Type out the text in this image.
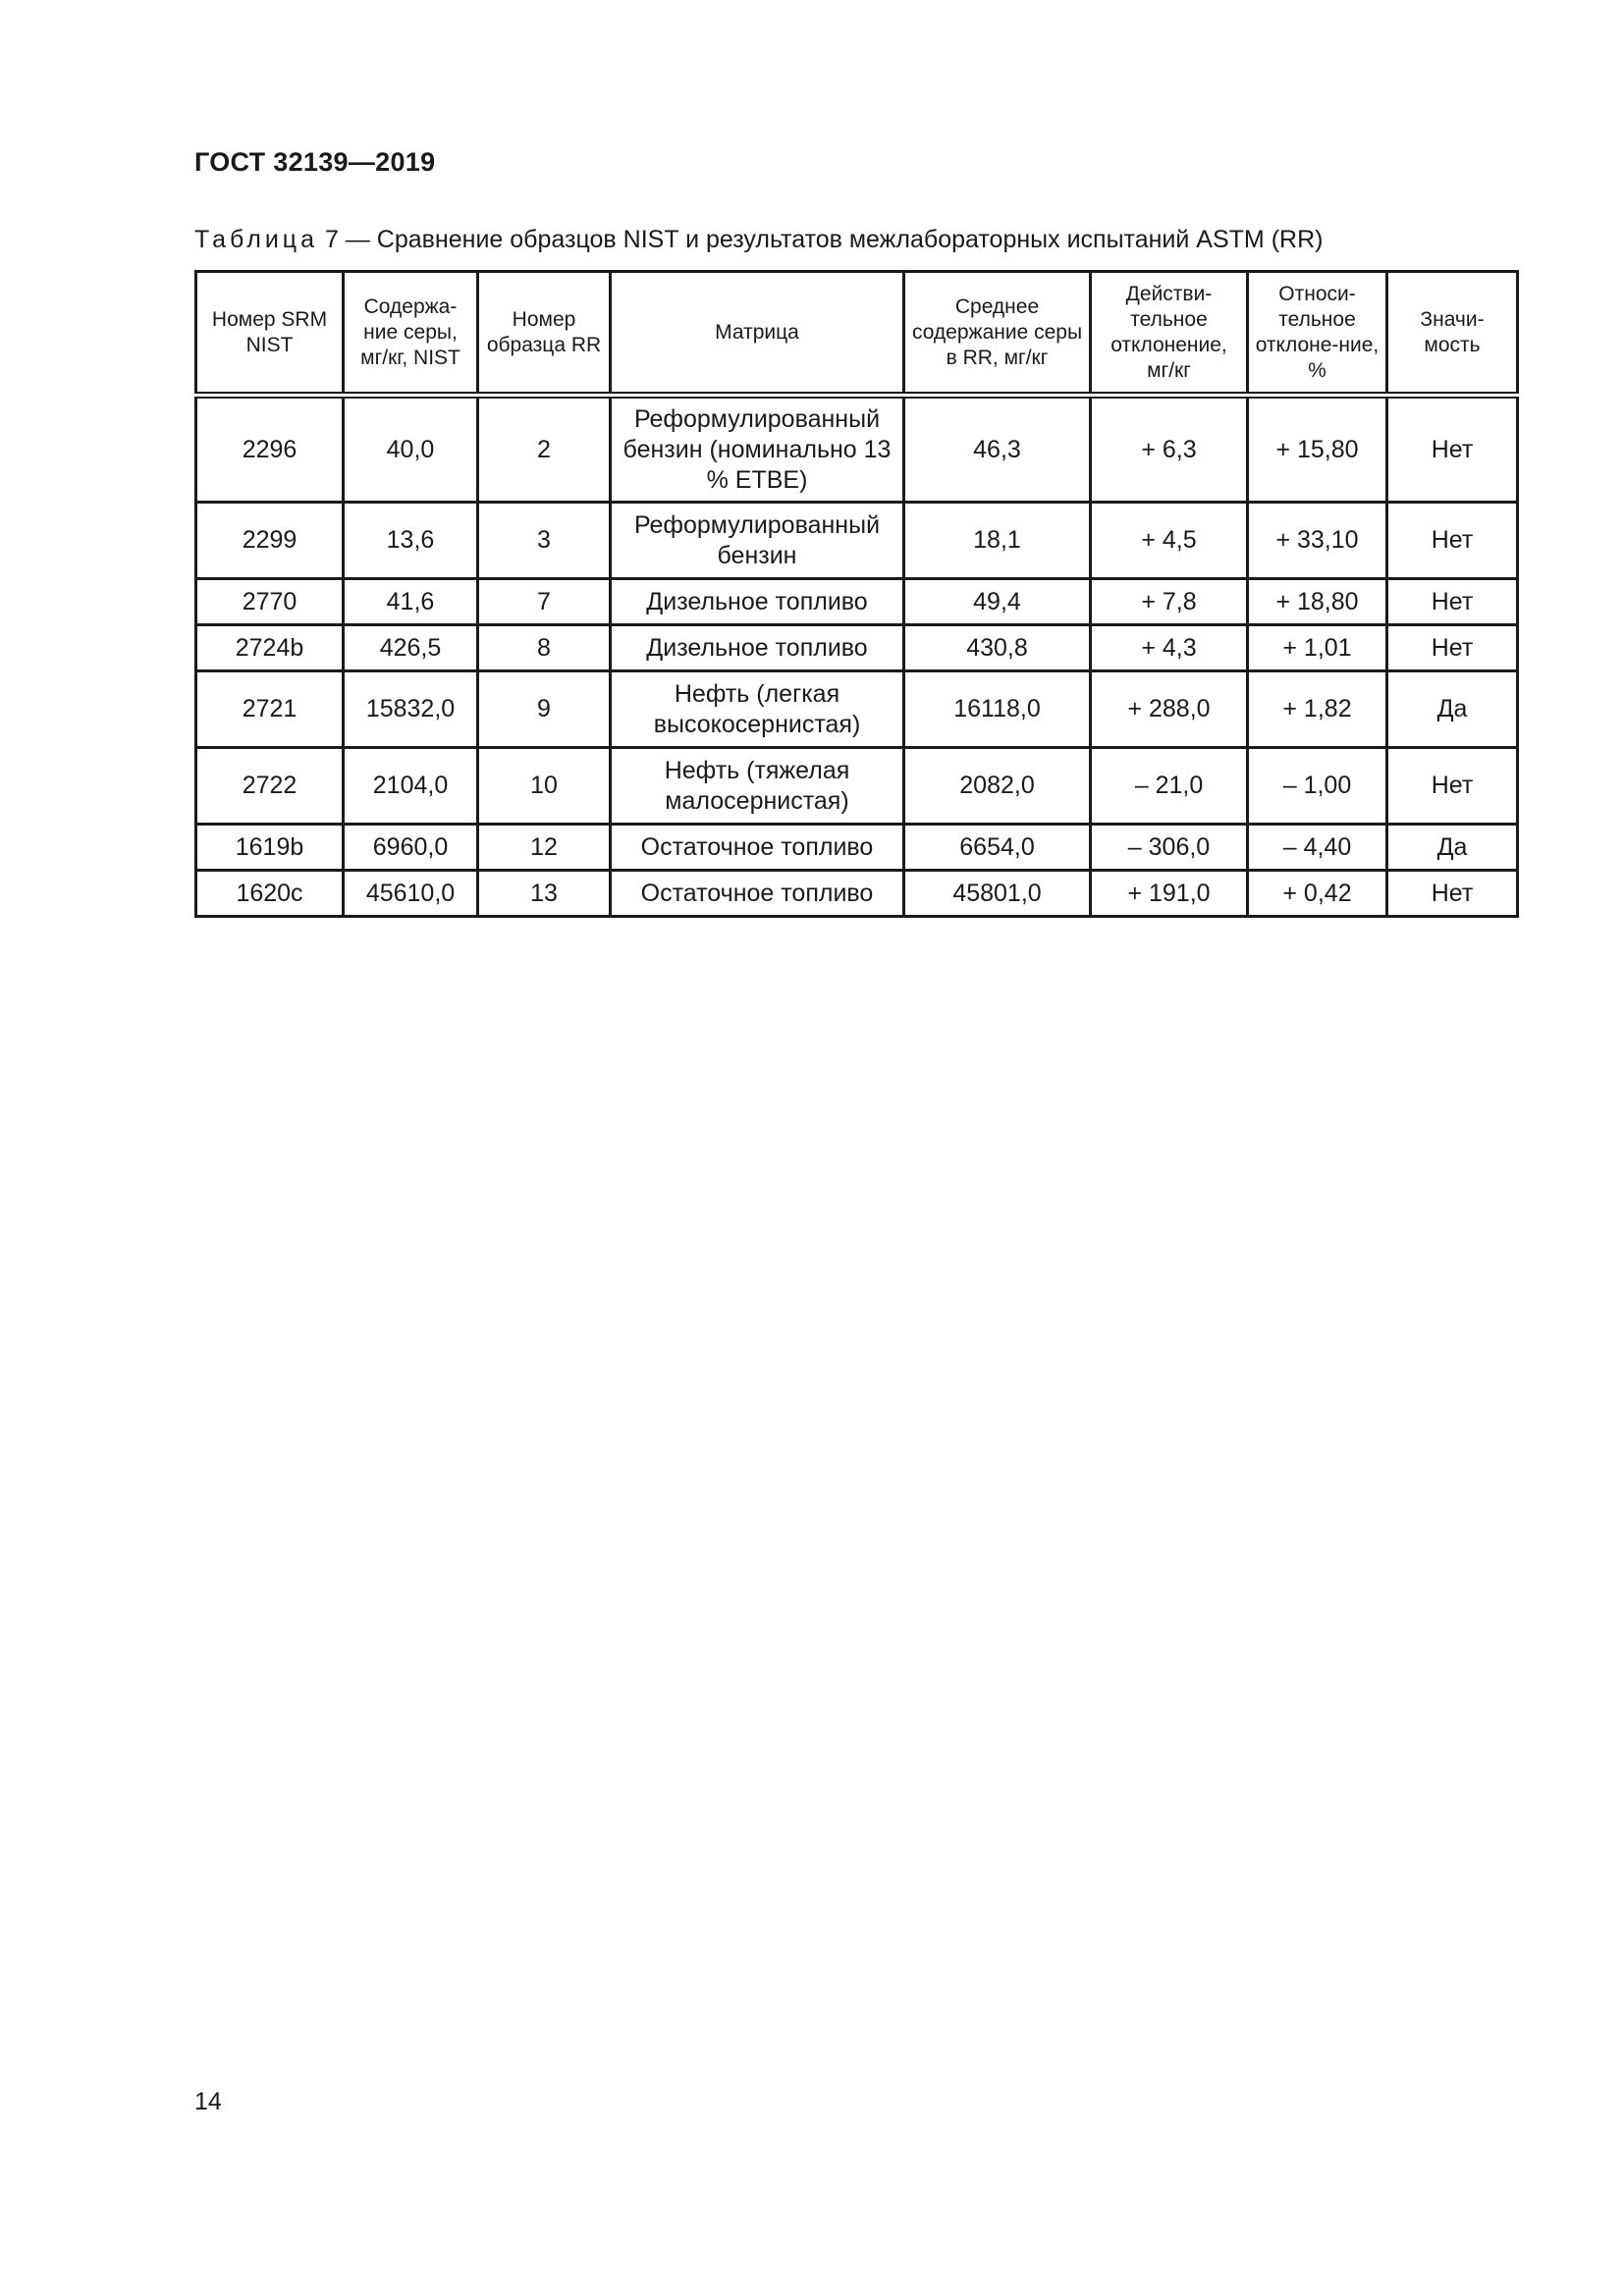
ГОСТ 32139—2019
Таблица 7 — Сравнение образцов NIST и результатов межлабораторных испытаний ASTM (RR)
Номер SRM NIST	Содержа-ние серы, мг/кг, NIST	Номер образца RR	Матрица	Среднее содержание серы в RR, мг/кг	Действи-тельное отклонение, мг/кг	Относи-тельное отклоне-ние, %	Значи-мость
2296	40,0	2	Реформулированный бензин (номинально 13 % ETBE)	46,3	+ 6,3	+ 15,80	Нет
2299	13,6	3	Реформулированный бензин	18,1	+ 4,5	+ 33,10	Нет
2770	41,6	7	Дизельное топливо	49,4	+ 7,8	+ 18,80	Нет
2724b	426,5	8	Дизельное топливо	430,8	+ 4,3	+ 1,01	Нет
2721	15832,0	9	Нефть (легкая высокосернистая)	16118,0	+ 288,0	+ 1,82	Да
2722	2104,0	10	Нефть (тяжелая малосернистая)	2082,0	– 21,0	– 1,00	Нет
1619b	6960,0	12	Остаточное топливо	6654,0	– 306,0	– 4,40	Да
1620c	45610,0	13	Остаточное топливо	45801,0	+ 191,0	+ 0,42	Нет
14
